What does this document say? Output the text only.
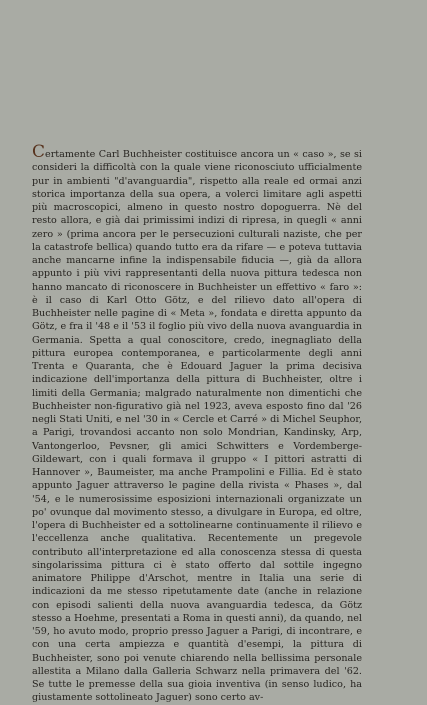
Certamente Carl Buchheister costituisce ancora un « caso », se si consideri la difficoltà con la quale viene riconosciuto ufficialmente pur in ambienti "d'avanguardia", rispetto alla reale ed ormai anzi storica importanza della sua opera, a volerci limitare agli aspetti più macroscopici, almeno in questo nostro dopoguerra. Nè del resto allora, e già dai primissimi indizi di ripresa, in quegli « anni zero » (prima ancora per le persecuzioni culturali naziste, che per la catastrofe bellica) quando tutto era da rifare — e poteva tuttavia anche mancarne infine la indispensabile fiducia —, già da allora appunto i più vivi rappresentanti della nuova pittura tedesca non hanno mancato di riconoscere in Buchheister un effettivo « faro »: è il caso di Karl Otto Götz, e del rilievo dato all'opera di Buchheister nelle pagine di « Meta », fondata e diretta appunto da Götz, e fra il '48 e il '53 il foglio più vivo della nuova avanguardia in Germania. Spetta a qual conoscitore, credo, inegnagliato della pittura europea contemporanea, e particolarmente degli anni Trenta e Quaranta, che è Edouard Jaguer la prima decisiva indicazione dell'importanza della pittura di Buchheister, oltre i limiti della Germania; malgrado naturalmente non dimentichi che Buchheister non-figurativo già nel 1923, aveva esposto fino dal '26 negli Stati Uniti, e nel '30 in « Cercle et Carré » di Michel Seuphor, a Parigi, trovandosi accanto non solo Mondrian, Kandinsky, Arp, Vantongerloo, Pevsner, gli amici Schwitters e Vordemberge-Gildewart, con i quali formava il gruppo « I pittori astratti di Hannover », Baumeister, ma anche Prampolini e Fillia. Ed è stato appunto Jaguer attraverso le pagine della rivista « Phases », dal '54, e le numerosissime esposizioni internazionali organizzate un po' ovunque dal movimento stesso, a divulgare in Europa, ed oltre, l'opera di Buchheister ed a sottolinearne continuamente il rilievo e l'eccellenza anche qualitativa. Recentemente un pregevole contributo all'interpretazione ed alla conoscenza stessa di questa singolarissima pittura ci è stato offerto dal sottile ingegno animatore Philippe d'Arschot, mentre in Italia una serie di indicazioni da me stesso ripetutamente date (anche in relazione con episodi salienti della nuova avanguardia tedesca, da Götz stesso a Hoehme, presentati a Roma in questi anni), da quando, nel '59, ho avuto modo, proprio presso Jaguer a Parigi, di incontrare, e con una certa ampiezza e quantità d'esempi, la pittura di Buchheister, sono poi venute chiarendo nella bellissima personale allestita a Milano dalla Galleria Schwarz nella primavera del '62. Se tutte le premesse della sua gioia inventiva (in senso ludico, ha giustamente sottolineato Jaguer) sono certo av-
